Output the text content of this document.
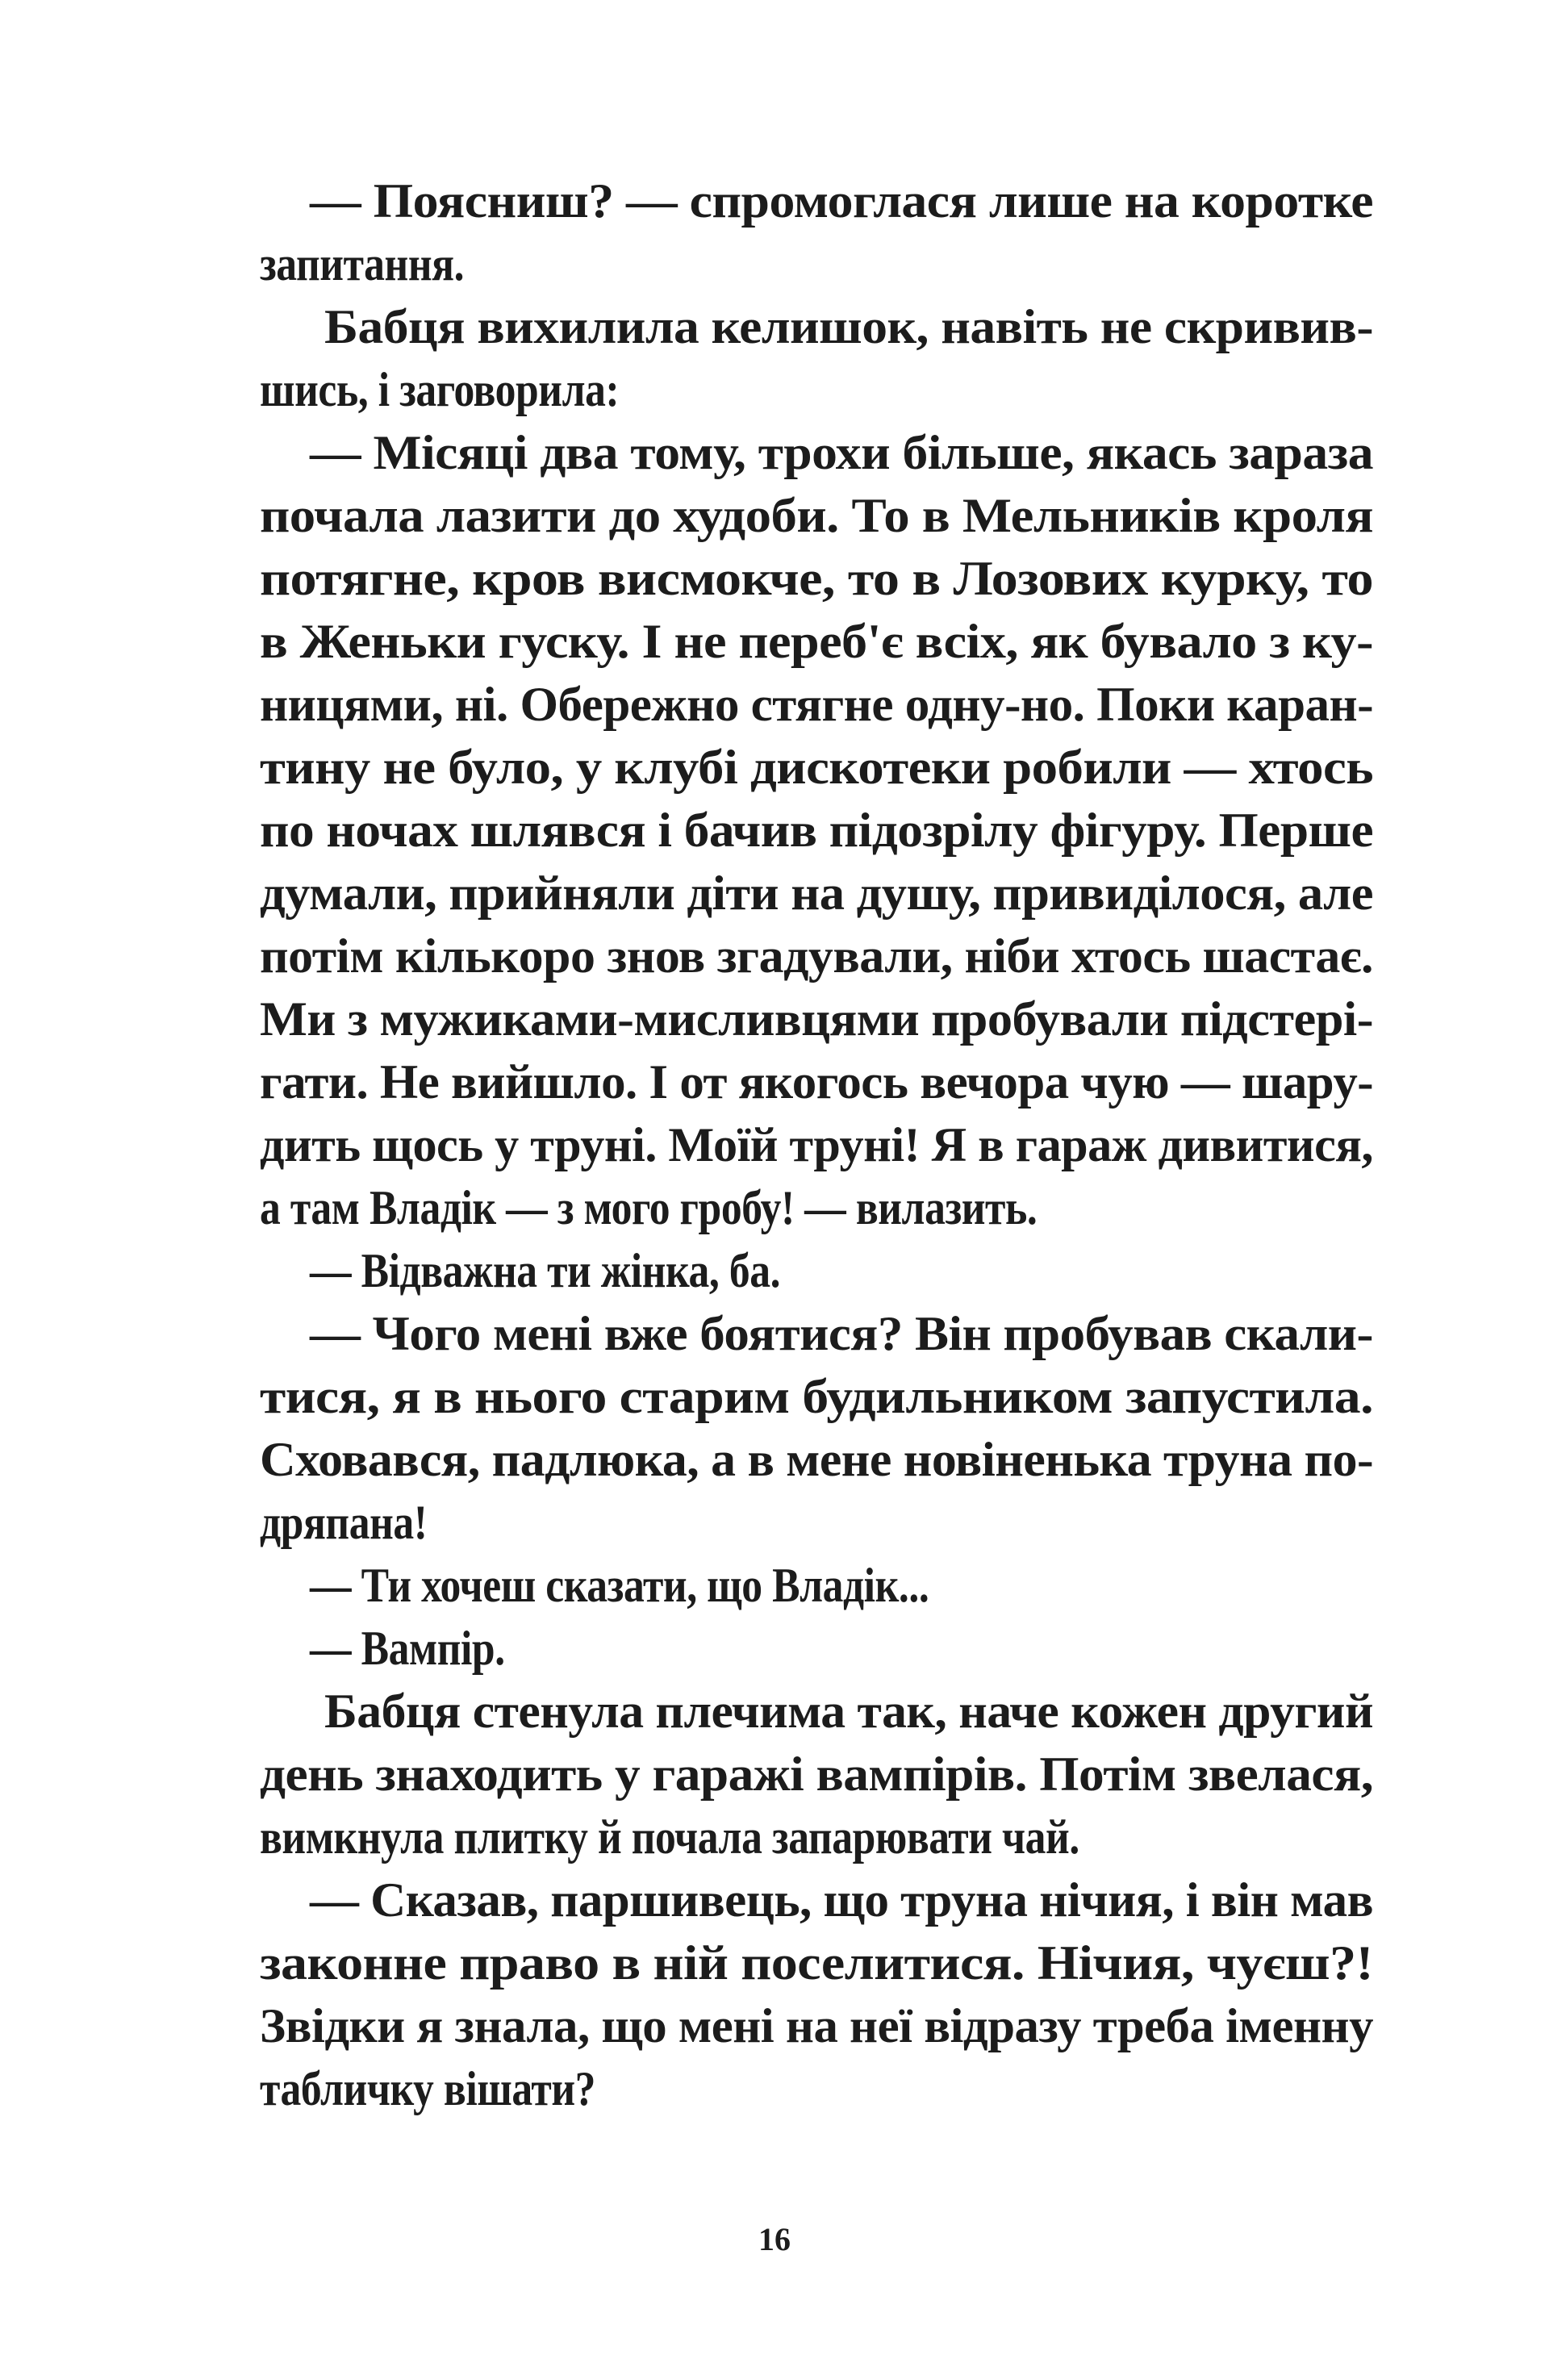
— Поясниш? — спромоглася лише на коротке
запитання.
Бабця вихилила келишок, навіть не скривив-
шись, і заговорила:
— Місяці два тому, трохи більше, якась зараза
почала лазити до худоби. То в Мельників кроля
потягне, кров висмокче, то в Лозових курку, то
в Женьки гуску. І не переб'є всіх, як бувало з ку-
ницями, ні. Обережно стягне одну-но. Поки каран-
тину не було, у клубі дискотеки робили — хтось
по ночах шлявся і бачив підозрілу фігуру. Перше
думали, прийняли діти на душу, привиділося, але
потім кількоро знов згадували, ніби хтось шастає.
Ми з мужиками-мисливцями пробували підстері-
гати. Не вийшло. І от якогось вечора чую — шару-
дить щось у труні. Моїй труні! Я в гараж дивитися,
а там Владік — з мого гробу! — вилазить.
— Відважна ти жінка, ба.
— Чого мені вже боятися? Він пробував скали-
тися, я в нього старим будильником запустила.
Сховався, падлюка, а в мене новіненька труна по-
дряпана!
— Ти хочеш сказати, що Владік...
— Вампір.
Бабця стенула плечима так, наче кожен другий
день знаходить у гаражі вампірів. Потім звелася,
вимкнула плитку й почала запарювати чай.
— Сказав, паршивець, що труна нічия, і він мав
законне право в ній поселитися. Нічия, чуєш?!
Звідки я знала, що мені на неї відразу треба іменну
табличку вішати?
16
